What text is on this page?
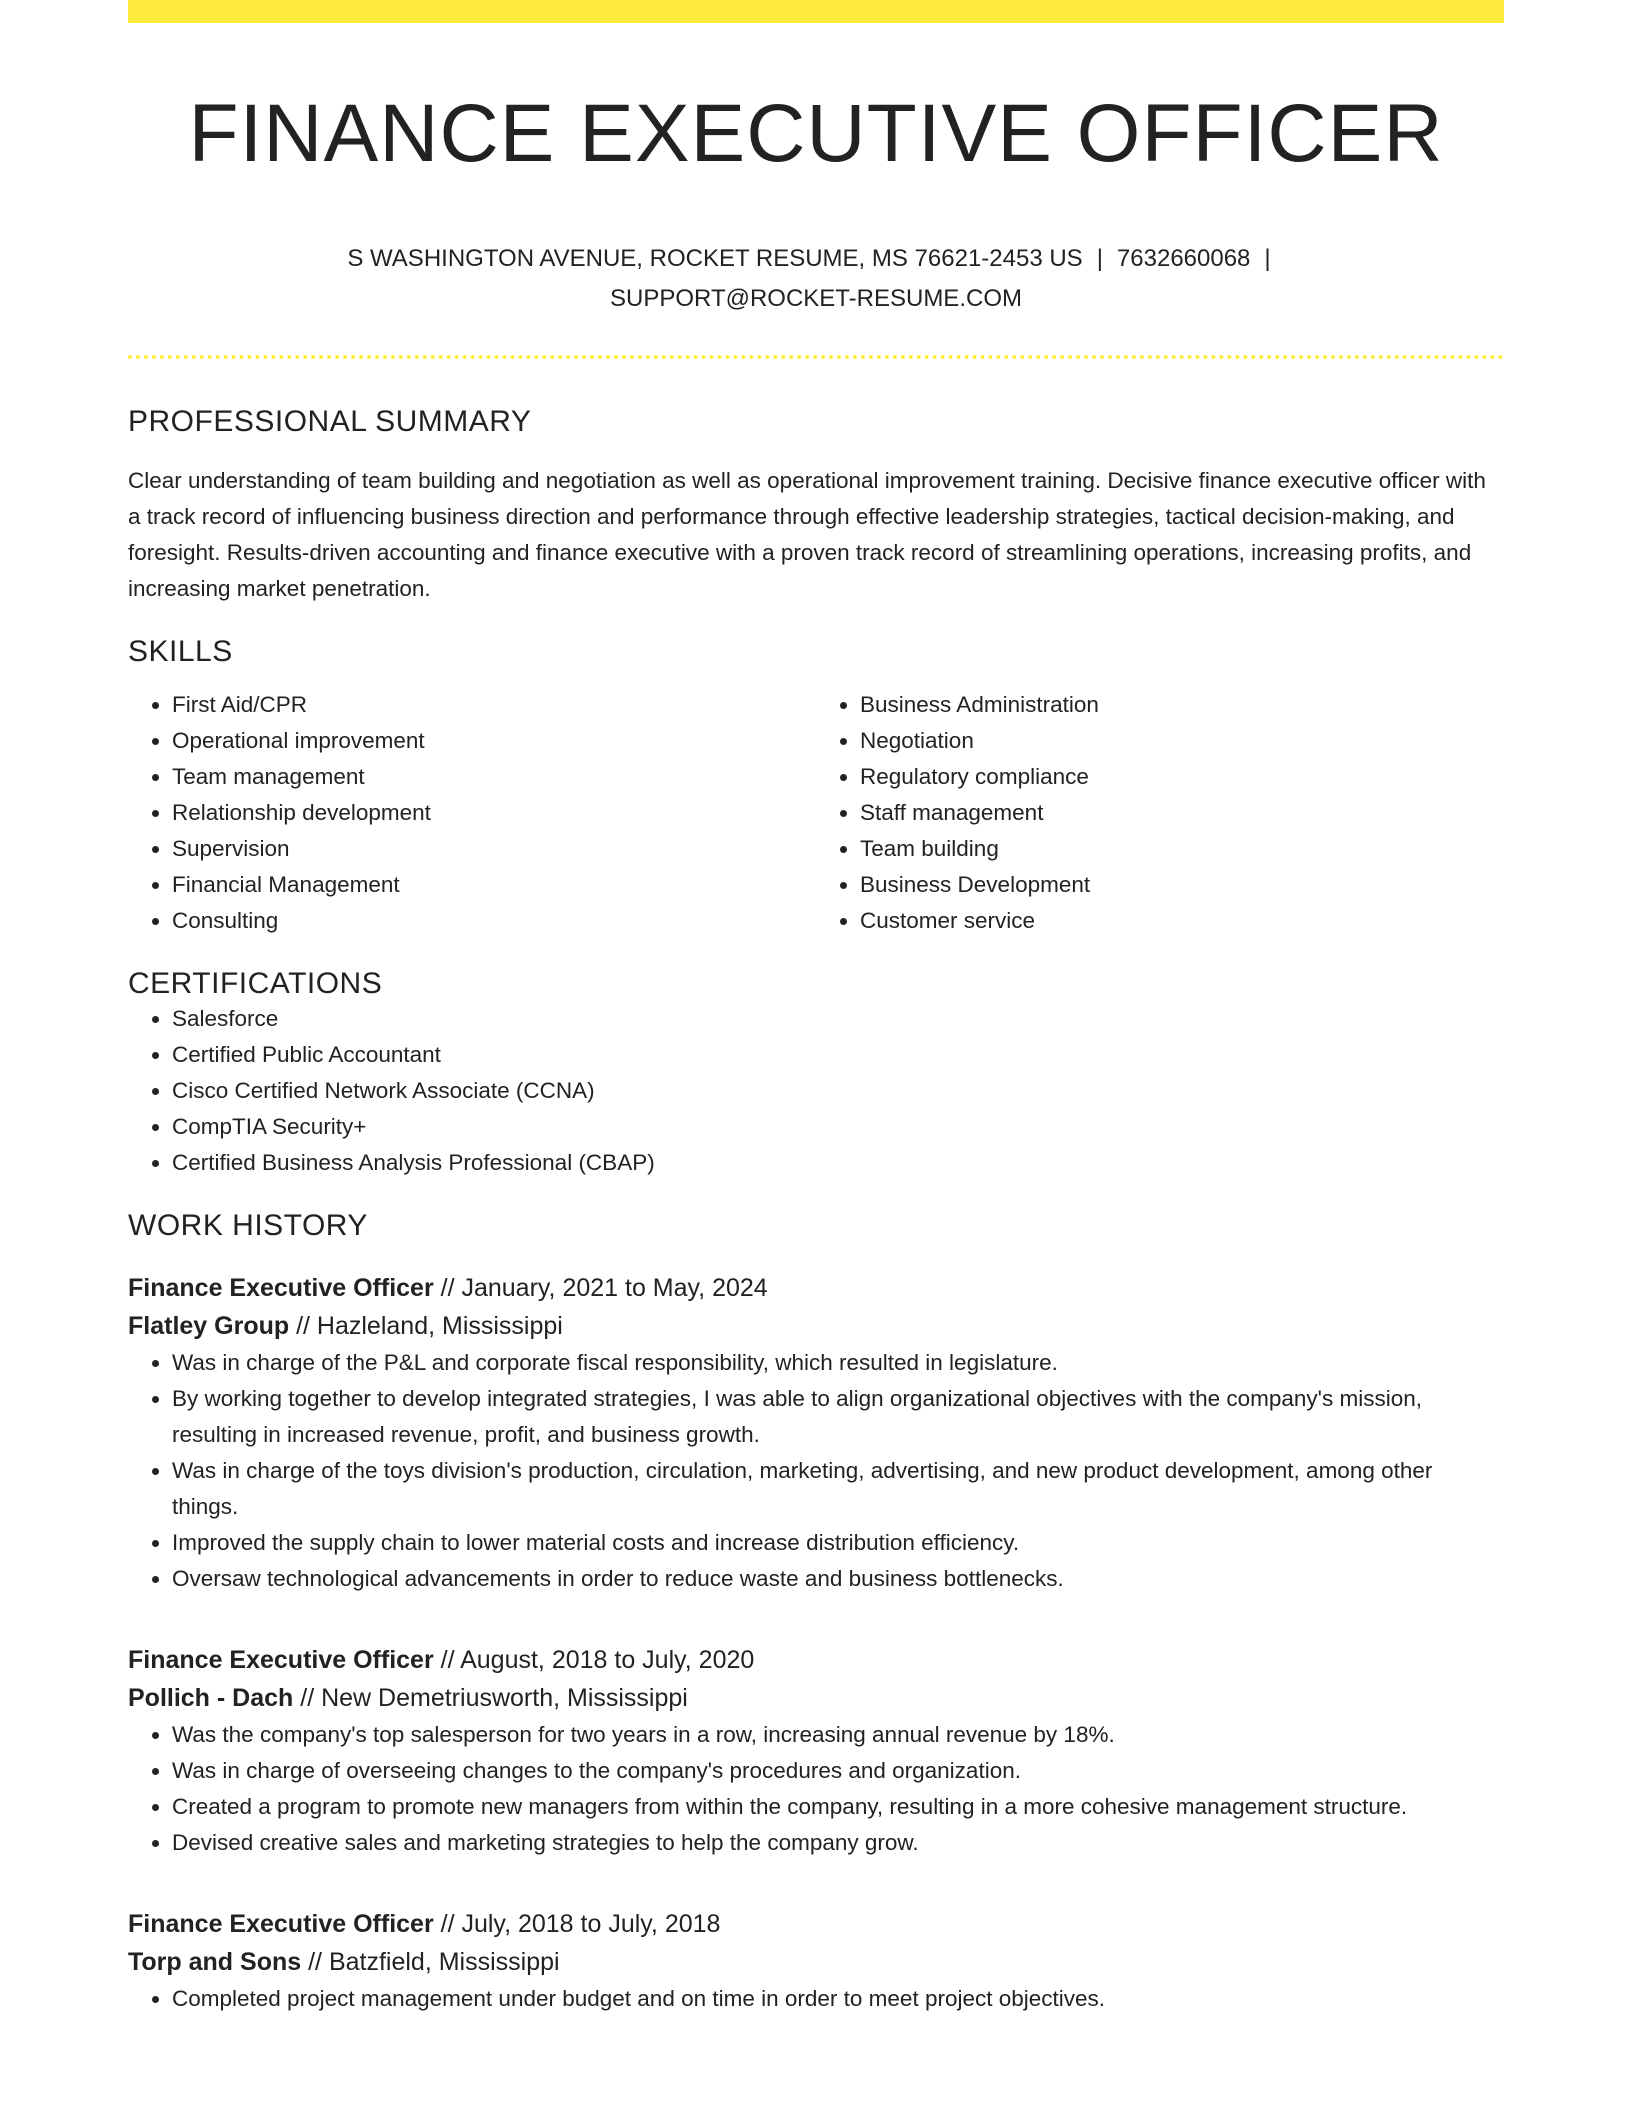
FINANCE EXECUTIVE OFFICER
S WASHINGTON AVENUE, ROCKET RESUME, MS 76621-2453 US | 7632660068 |
SUPPORT@ROCKET-RESUME.COM
PROFESSIONAL SUMMARY
Clear understanding of team building and negotiation as well as operational improvement training. Decisive finance executive officer with a track record of influencing business direction and performance through effective leadership strategies, tactical decision-making, and foresight. Results-driven accounting and finance executive with a proven track record of streamlining operations, increasing profits, and increasing market penetration.
SKILLS
• First Aid/CPR
• Operational improvement
• Team management
• Relationship development
• Supervision
• Financial Management
• Consulting
• Business Administration
• Negotiation
• Regulatory compliance
• Staff management
• Team building
• Business Development
• Customer service
CERTIFICATIONS
• Salesforce
• Certified Public Accountant
• Cisco Certified Network Associate (CCNA)
• CompTIA Security+
• Certified Business Analysis Professional (CBAP)
WORK HISTORY
Finance Executive Officer // January, 2021 to May, 2024
Flatley Group // Hazleland, Mississippi
• Was in charge of the P&L and corporate fiscal responsibility, which resulted in legislature.
• By working together to develop integrated strategies, I was able to align organizational objectives with the company's mission, resulting in increased revenue, profit, and business growth.
• Was in charge of the toys division's production, circulation, marketing, advertising, and new product development, among other things.
• Improved the supply chain to lower material costs and increase distribution efficiency.
• Oversaw technological advancements in order to reduce waste and business bottlenecks.
Finance Executive Officer // August, 2018 to July, 2020
Pollich - Dach // New Demetriusworth, Mississippi
• Was the company's top salesperson for two years in a row, increasing annual revenue by 18%.
• Was in charge of overseeing changes to the company's procedures and organization.
• Created a program to promote new managers from within the company, resulting in a more cohesive management structure.
• Devised creative sales and marketing strategies to help the company grow.
Finance Executive Officer // July, 2018 to July, 2018
Torp and Sons // Batzfield, Mississippi
• Completed project management under budget and on time in order to meet project objectives.
